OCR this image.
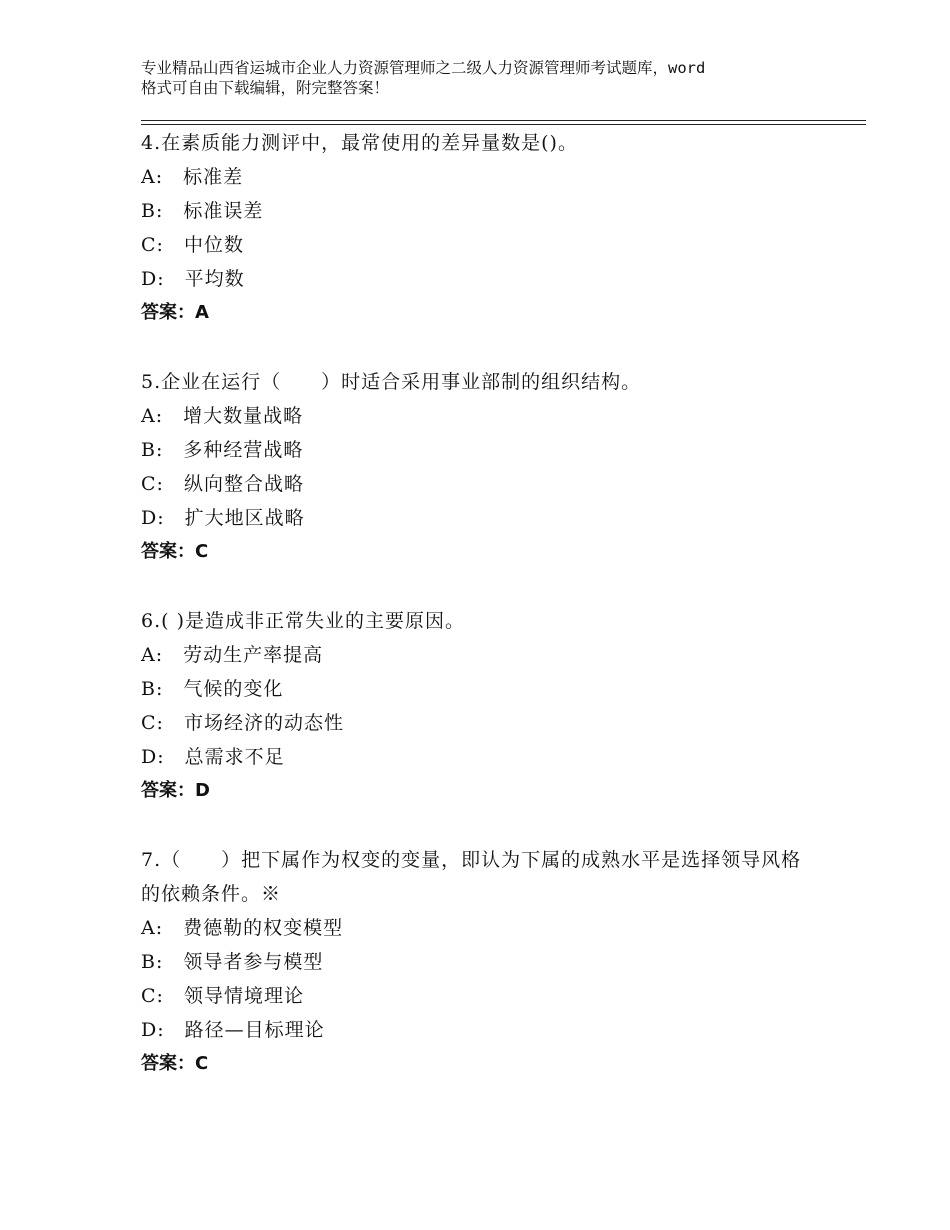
专业精品山西省运城市企业人力资源管理师之二级人力资源管理师考试题库，word
格式可自由下载编辑，附完整答案！

4.在素质能力测评中，最常使用的差异量数是()。

A:　标准差

B:　标准误差

C:　中位数

D:　平均数

答案：A

5.企业在运行（　　）时适合采用事业部制的组织结构。

A:　增大数量战略

B:　多种经营战略

C:　纵向整合战略

D:　扩大地区战略

答案：C

6.( )是造成非正常失业的主要原因。

A:　劳动生产率提高

B:　气候的变化

C:　市场经济的动态性

D:　总需求不足

答案：D

7.（　　）把下属作为权变的变量，即认为下属的成熟水平是选择领导风格的依赖条件。※

A:　费德勒的权变模型

B:　领导者参与模型

C:　领导情境理论

D:　路径—目标理论

答案：C
